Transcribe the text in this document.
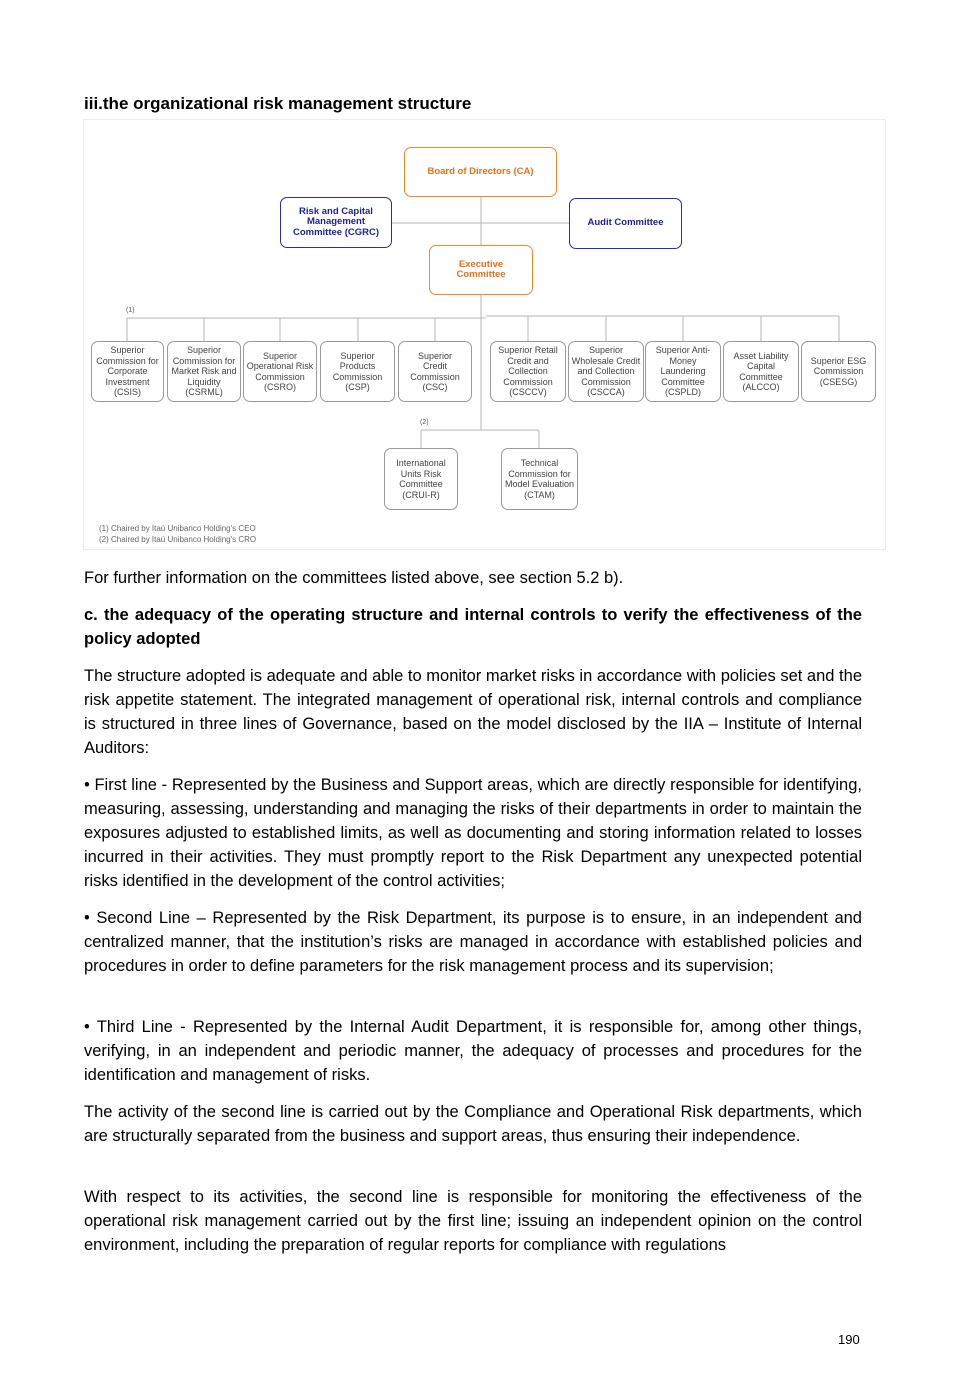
iii.the organizational risk management structure
Board of Directors (CA)
Risk and Capital Management Committee (CGRC)
Audit Committee
Executive Committee
(1)
(2)
Superior Commission for Corporate Investment (CSIS)
Superior Commission for Market Risk and Liquidity (CSRML)
Superior Operational Risk Commission (CSRO)
Superior Products Commission (CSP)
Superior Credit Commission (CSC)
Superior Retail Credit and Collection Commission (CSCCV)
Superior Wholesale Credit and Collection Commission (CSCCA)
Superior Anti-Money Laundering Committee (CSPLD)
Asset Liability Capital Committee (ALCCO)
Superior ESG Commission (CSESG)
International Units Risk Committee (CRUI-R)
Technical Commission for Model Evaluation (CTAM)
(1) Chaired by Itaú Unibanco Holding's CEO
(2) Chaired by Itaú Unibanco Holding's CRO

For further information on the committees listed above, see section 5.2 b).

c. the adequacy of the operating structure and internal controls to verify the effectiveness of the policy adopted

The structure adopted is adequate and able to monitor market risks in accordance with policies set and the risk appetite statement. The integrated management of operational risk, internal controls and compliance is structured in three lines of Governance, based on the model disclosed by the IIA – Institute of Internal Auditors:

• First line - Represented by the Business and Support areas, which are directly responsible for identifying, measuring, assessing, understanding and managing the risks of their departments in order to maintain the exposures adjusted to established limits, as well as documenting and storing information related to losses incurred in their activities. They must promptly report to the Risk Department any unexpected potential risks identified in the development of the control activities;

• Second Line – Represented by the Risk Department, its purpose is to ensure, in an independent and centralized manner, that the institution’s risks are managed in accordance with established policies and procedures in order to define parameters for the risk management process and its supervision;

• Third Line - Represented by the Internal Audit Department, it is responsible for, among other things, verifying, in an independent and periodic manner, the adequacy of processes and procedures for the identification and management of risks.

The activity of the second line is carried out by the Compliance and Operational Risk departments, which are structurally separated from the business and support areas, thus ensuring their independence.

With respect to its activities, the second line is responsible for monitoring the effectiveness of the operational risk management carried out by the first line; issuing an independent opinion on the control environment, including the preparation of regular reports for compliance with regulations

190
